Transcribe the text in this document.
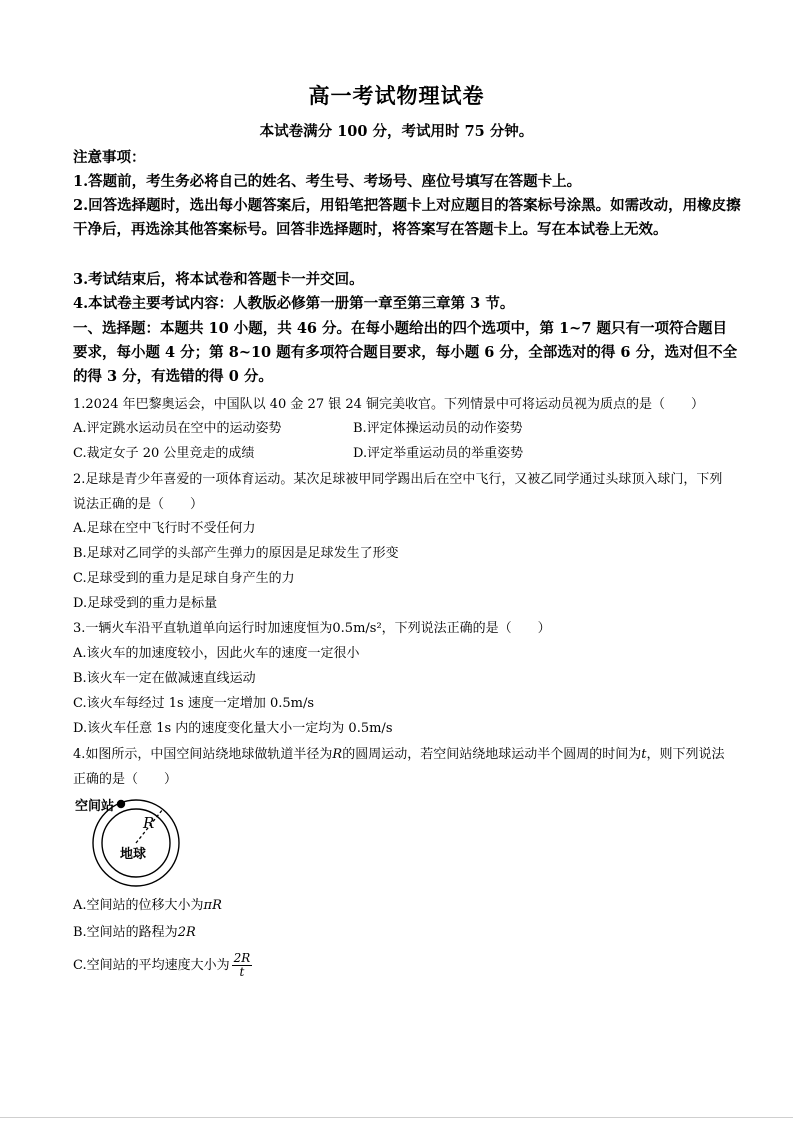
高一考试物理试卷
本试卷满分 100 分，考试用时 75 分钟。

注意事项：

1.答题前，考生务必将自己的姓名、考生号、考场号、座位号填写在答题卡上。

2.回答选择题时，选出每小题答案后，用铅笔把答题卡上对应题目的答案标号涂黑。如需改动，用橡皮擦干净后，再选涂其他答案标号。回答非选择题时，将答案写在答题卡上。写在本试卷上无效。

3.考试结束后，将本试卷和答题卡一并交回。

4.本试卷主要考试内容：人教版必修第一册第一章至第三章第 3 节。

一、选择题：本题共 10 小题，共 46 分。在每小题给出的四个选项中，第 1~7 题只有一项符合题目要求，每小题 4 分；第 8~10 题有多项符合题目要求，每小题 6 分，全部选对的得 6 分，选对但不全的得 3 分，有选错的得 0 分。

1.2024 年巴黎奥运会，中国队以 40 金 27 银 24 铜完美收官。下列情景中可将运动员视为质点的是（　　）

A.评定跳水运动员在空中的运动姿势	B.评定体操运动员的动作姿势

C.裁定女子 20 公里竞走的成绩	D.评定举重运动员的举重姿势

2.足球是青少年喜爱的一项体育运动。某次足球被甲同学踢出后在空中飞行，又被乙同学通过头球顶入球门，下列说法正确的是（　　）

A.足球在空中飞行时不受任何力

B.足球对乙同学的头部产生弹力的原因是足球发生了形变

C.足球受到的重力是足球自身产生的力

D.足球受到的重力是标量

3.一辆火车沿平直轨道单向运行时加速度恒为0.5m/s²，下列说法正确的是（　　）

A.该火车的加速度较小，因此火车的速度一定很小

B.该火车一定在做减速直线运动

C.该火车每经过 1s 速度一定增加 0.5m/s

D.该火车任意 1s 内的速度变化量大小一定均为 0.5m/s

4.如图所示，中国空间站绕地球做轨道半径为R的圆周运动，若空间站绕地球运动半个圆周的时间为t，则下列说法正确的是（　　）

空间站
R
地球

A.空间站的位移大小为πR

B.空间站的路程为2R

C.空间站的平均速度大小为 $\frac{2R}{t}$
